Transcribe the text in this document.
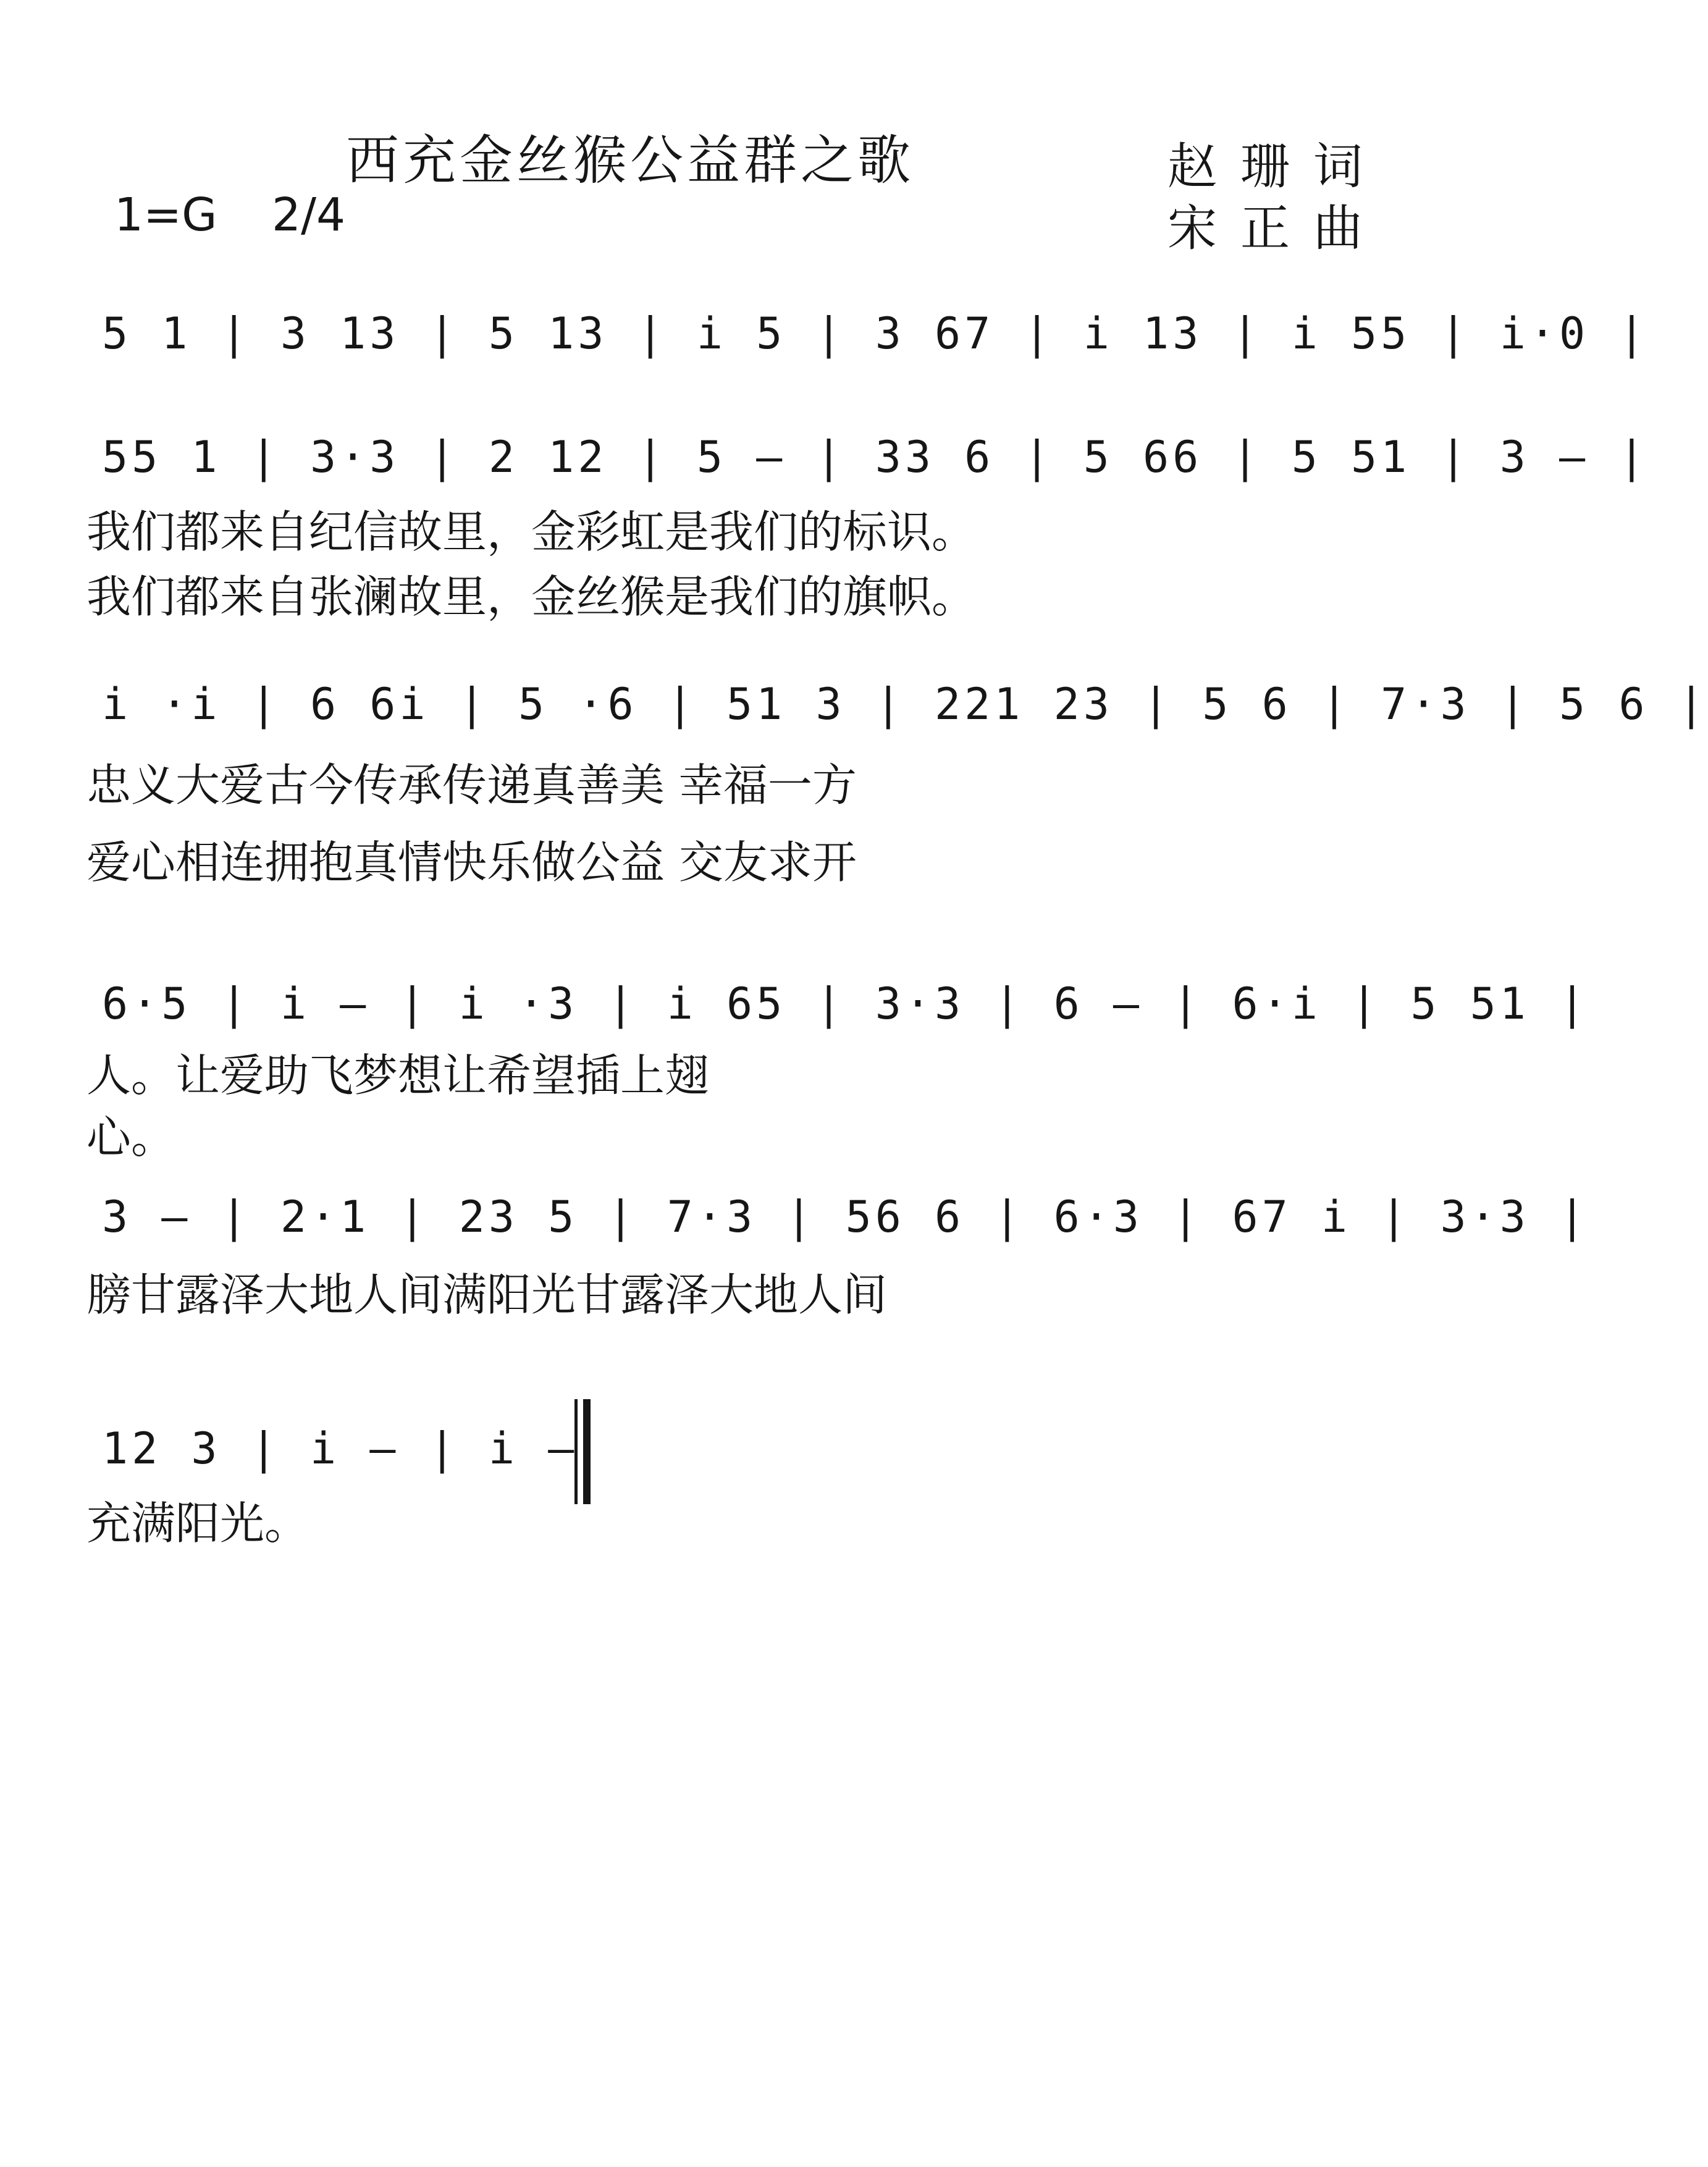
西充金丝猴公益群之歌	赵珊词
宋正曲
1=G 2/4
5 1 | 3 13 | 5 13 | i 5 | 3 67 | i 13 | i 55 | i·0 |
55 1 | 3·3 | 2 12 | 5 — | 33 6 | 5 66 | 5 51 | 3 — |
我们都来自纪信故里，金彩虹是我们的标识。
我们都来自张澜故里，金丝猴是我们的旗帜。
i ·i | 6 6i | 5 ·6 | 51 3 | 221 23 | 5 6 | 7·3 | 5 6 |
忠义大爱古今传承传递真善美 幸福一方
爱心相连拥抱真情快乐做公益 交友求开
6·5 | i — | i ·3 | i 65 | 3·3 | 6 — | 6·i | 5 51 |
人。让爱助飞梦想让希望插上翅
心。
3 — | 2·1 | 23 5 | 7·3 | 56 6 | 6·3 | 67 i | 3·3 |
膀甘露泽大地人间满阳光甘露泽大地人间
12 3 | i — | i —
充满阳光。
